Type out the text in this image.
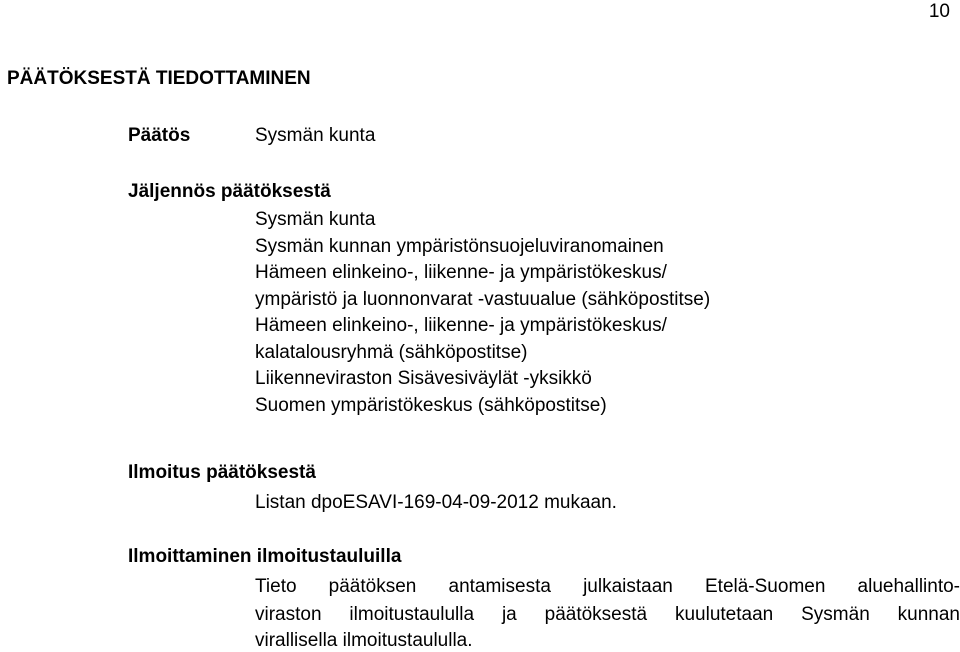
10
PÄÄTÖKSESTÄ TIEDOTTAMINEN
Päätös	Sysmän kunta
Jäljennös päätöksestä
Sysmän kunta
Sysmän kunnan ympäristönsuojeluviranomainen
Hämeen elinkeino-, liikenne- ja ympäristökeskus/
ympäristö ja luonnonvarat -vastuualue (sähköpostitse)
Hämeen elinkeino-, liikenne- ja ympäristökeskus/
kalatalousryhmä (sähköpostitse)
Liikenneviraston Sisävesiväylät -yksikkö
Suomen ympäristökeskus (sähköpostitse)
Ilmoitus päätöksestä
Listan dpoESAVI-169-04-09-2012 mukaan.
Ilmoittaminen ilmoitustauluilla
Tieto päätöksen antamisesta julkaistaan Etelä-Suomen aluehallinto-
viraston ilmoitustaululla ja päätöksestä kuulutetaan Sysmän kunnan
virallisella ilmoitustaululla.
